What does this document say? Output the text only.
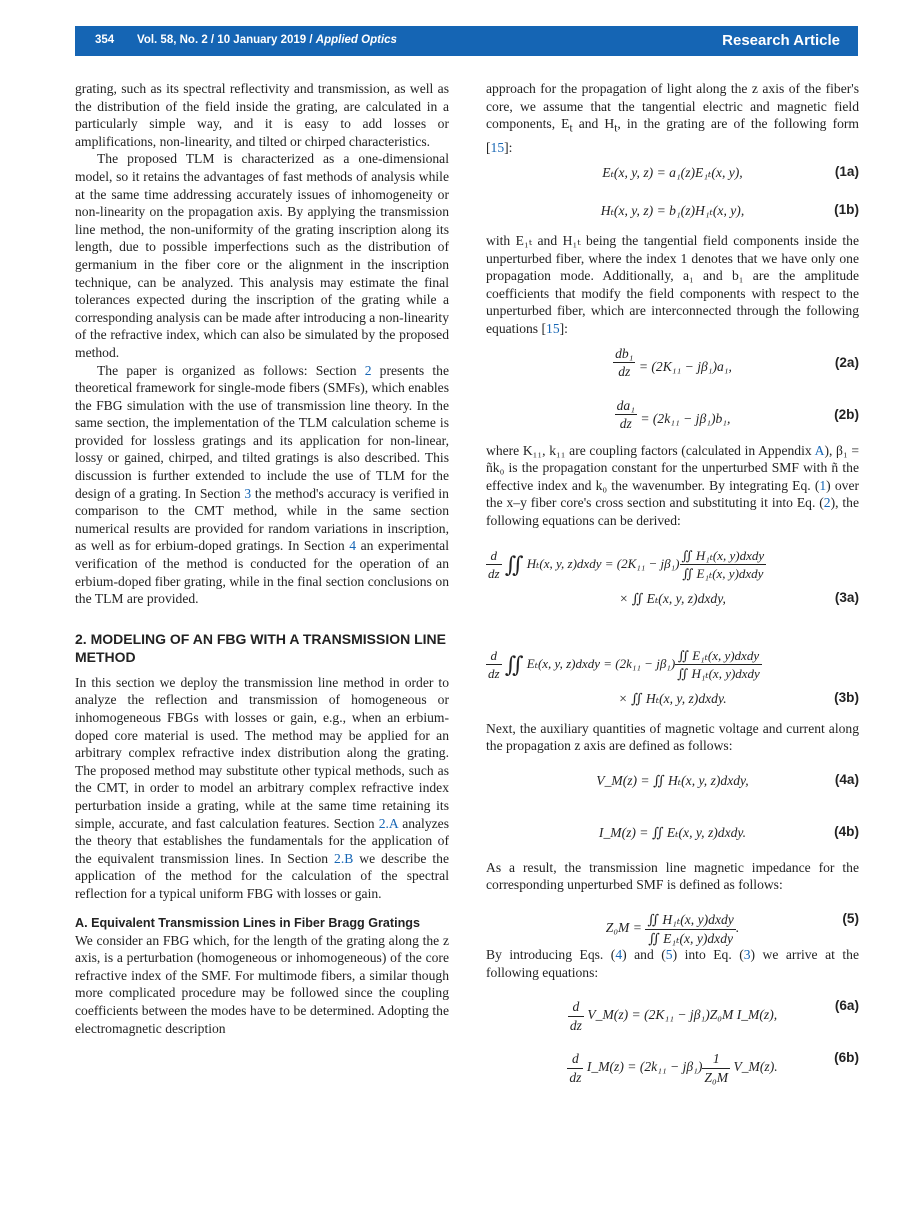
354 Vol. 58, No. 2 / 10 January 2019 / Applied Optics	Research Article

grating, such as its spectral reflectivity and transmission, as well as the distribution of the field inside the grating, are calculated in a particularly simple way, and it is easy to add losses or amplifications, non-linearity, and tilted or chirped characteristics.

The proposed TLM is characterized as a one-dimensional model, so it retains the advantages of fast methods of analysis while at the same time addressing accurately issues of inhomogeneity or non-linearity on the propagation axis. By applying the transmission line method, the non-uniformity of the grating inscription along its length, due to possible imperfections such as the distribution of germanium in the fiber core or the alignment in the inscription technique, can be analyzed. This analysis may estimate the final tolerances expected during the inscription of the grating while a corresponding analysis can be made after introducing a non-linearity of the refractive index, which can also be simulated by the proposed method.

The paper is organized as follows: Section 2 presents the theoretical framework for single-mode fibers (SMFs), which enables the FBG simulation with the use of transmission line theory. In the same section, the implementation of the TLM calculation scheme is provided for lossless gratings and its application for non-linear, lossy or gained, chirped, and tilted gratings is also described. This discussion is further extended to include the use of TLM for the design of a grating. In Section 3 the method's accuracy is verified in comparison to the CMT method, while in the same section numerical results are provided for random variations in inscription, as well as for erbium-doped gratings. In Section 4 an experimental verification of the method is conducted for the operation of an erbium-doped fiber grating, while in the final section conclusions on the TLM are provided.

2. MODELING OF AN FBG WITH A TRANSMISSION LINE METHOD

In this section we deploy the transmission line method in order to analyze the reflection and transmission of homogeneous or inhomogeneous FBGs with losses or gain, e.g., when an erbium-doped core material is used. The method may be applied for an arbitrary complex refractive index distribution along the grating. The proposed method may substitute other typical methods, such as the CMT, in order to model an arbitrary complex refractive index perturbation inside a grating, while at the same time retaining its simple, accurate, and fast calculation features. Section 2.A analyzes the theory that establishes the fundamentals for the application of the equivalent transmission lines. In Section 2.B we describe the application of the method for the calculation of the spectral reflection for a typical uniform FBG with losses or gain.

A. Equivalent Transmission Lines in Fiber Bragg Gratings

We consider an FBG which, for the length of the grating along the z axis, is a perturbation (homogeneous or inhomogeneous) of the core refractive index of the SMF. For multimode fibers, a similar though more complicated procedure may be followed since the coupling coefficients between the modes have to be determined. Adopting the electromagnetic description

approach for the propagation of light along the z axis of the fiber's core, we assume that the tangential electric and magnetic field components, $E_t$ and $H_t$, in the grating are of the following form [15]:

Eₜ(x, y, z) = a₁(z)E₁ₜ(x, y),	(1a)
Hₜ(x, y, z) = b₁(z)H₁ₜ(x, y),	(1b)

with E₁ₜ and H₁ₜ being the tangential field components inside the unperturbed fiber, where the index 1 denotes that we have only one propagation mode. Additionally, a₁ and b₁ are the amplitude coefficients that modify the field components with respect to the unperturbed fiber, which are interconnected through the following equations [15]:

$\frac{\text{db₁}}{dz} = (2K_{11} - j\beta_1)a_1$,	(2a)
$\frac{\text{da₁}}{dz} = (2k_{11} - j\beta_1)b_1$,	(2b)

where K₁₁, k₁₁ are coupling factors (calculated in Appendix A), β₁ = ñk₀ is the propagation constant for the unperturbed SMF with ñ the effective index and k₀ the wavenumber. By integrating Eq. (1) over the x–y fiber core's cross section and substituting it into Eq. (2), the following equations can be derived:

$\frac{d}{dz}$ ∬ Hₜ(x, y, z)dxdy = $(2K_{11} - j\beta_1) \frac{\text{∬ H₁ₜ(x, y)dxdy}}{\text{∬ E₁ₜ(x, y)dxdy}}$
× ∬ Eₜ(x, y, z)dxdy,	(3a)
$\frac{d}{dz}$ ∬ Eₜ(x, y, z)dxdy = $(2k_{11} - j\beta_1) \frac{\text{∬ E₁ₜ(x, y)dxdy}}{\text{∬ H₁ₜ(x, y)dxdy}}$
× ∬ Hₜ(x, y, z)dxdy.	(3b)

Next, the auxiliary quantities of magnetic voltage and current along the propagation z axis are defined as follows:

V_M(z) = ∬ Hₜ(x, y, z)dxdy,	(4a)
I_M(z) = ∬ Eₜ(x, y, z)dxdy.	(4b)

As a result, the transmission line magnetic impedance for the corresponding unperturbed SMF is defined as follows:

$Z_0M = \frac{\text{∬ H₁ₜ(x, y)dxdy}}{\text{∬ E₁ₜ(x, y)dxdy}}$ .
(5)

By introducing Eqs. (4) and (5) into Eq. (3) we arrive at the following equations:

$\frac{d}{dz}$ V_M(z) = (2K₁₁ − jβ₁)Z₀M I_M(z),
(6a)
$\frac{d}{dz}$ I_M(z) = $(2k_{11} - j\beta_1) \frac{1}{\text{Z₀M}}$ V_M(z).
(6b)
